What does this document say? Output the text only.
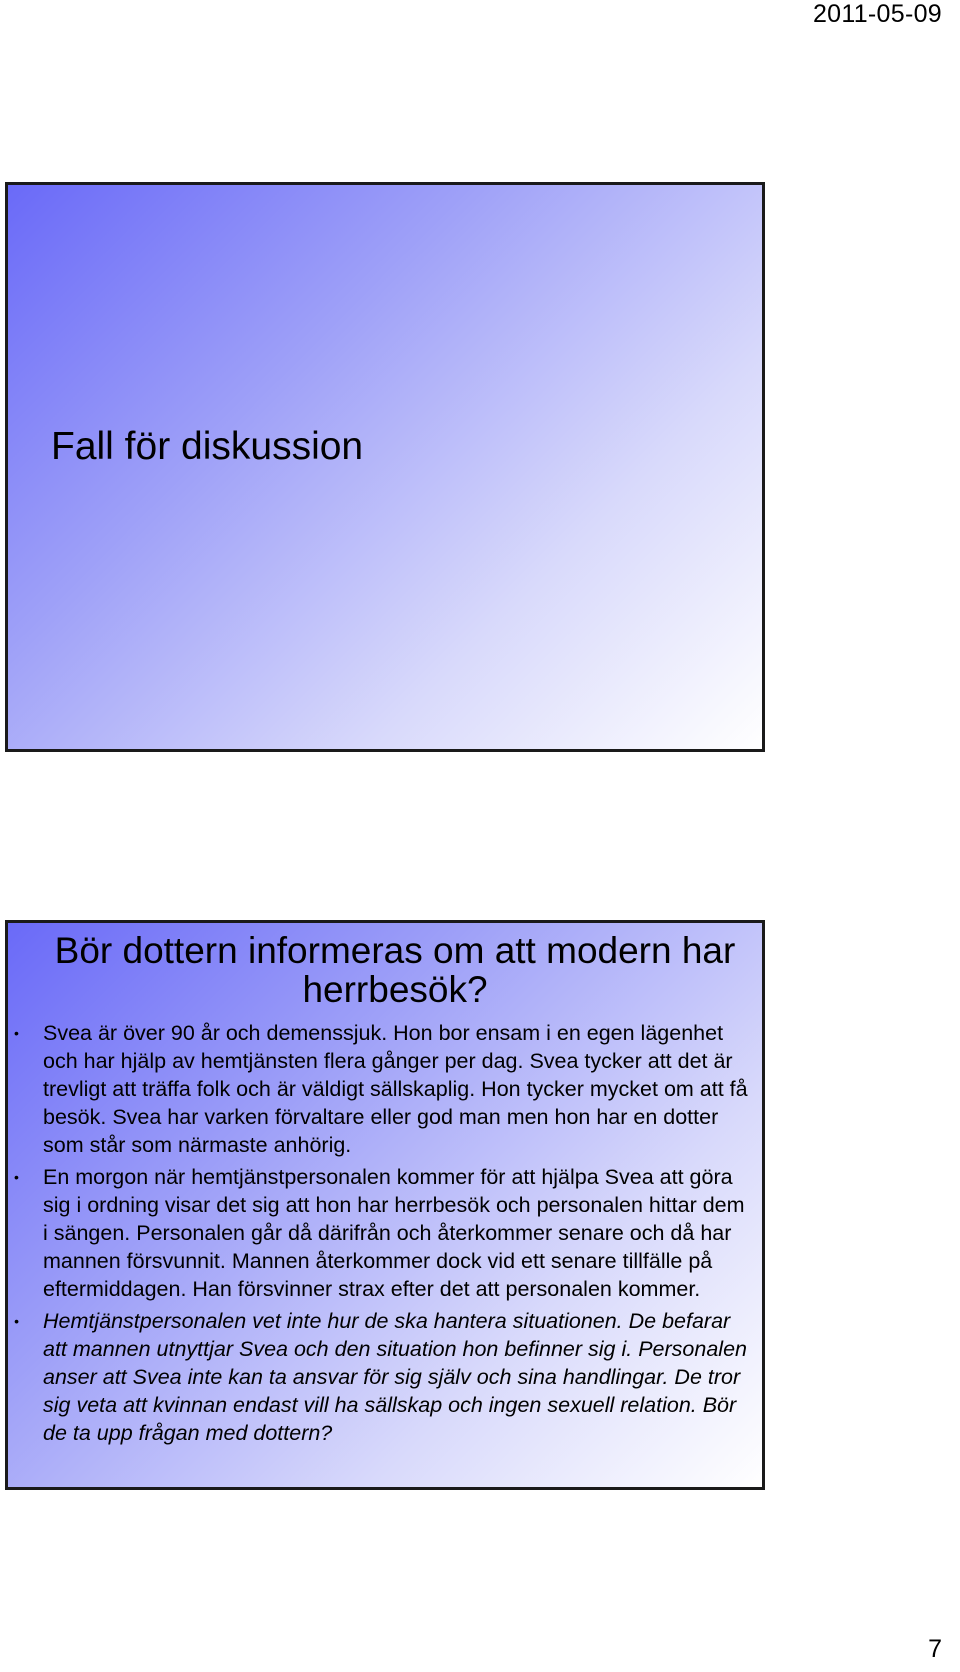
2011-05-09
Fall för diskussion
Bör dottern informeras om att modern har
herrbesök?
• Svea är över 90 år och demenssjuk. Hon bor ensam i en egen lägenhet och har hjälp av hemtjänsten flera gånger per dag. Svea tycker att det är trevligt att träffa folk och är väldigt sällskaplig. Hon tycker mycket om att få besök. Svea har varken förvaltare eller god man men hon har en dotter som står som närmaste anhörig.
• En morgon när hemtjänstpersonalen kommer för att hjälpa Svea att göra sig i ordning visar det sig att hon har herrbesök och personalen hittar dem i sängen. Personalen går då därifrån och återkommer senare och då har mannen försvunnit. Mannen återkommer dock vid ett senare tillfälle på eftermiddagen. Han försvinner strax efter det att personalen kommer.
• Hemtjänstpersonalen vet inte hur de ska hantera situationen. De befarar att mannen utnyttjar Svea och den situation hon befinner sig i. Personalen anser att Svea inte kan ta ansvar för sig själv och sina handlingar. De tror sig veta att kvinnan endast vill ha sällskap och ingen sexuell relation. Bör de ta upp frågan med dottern?
7
